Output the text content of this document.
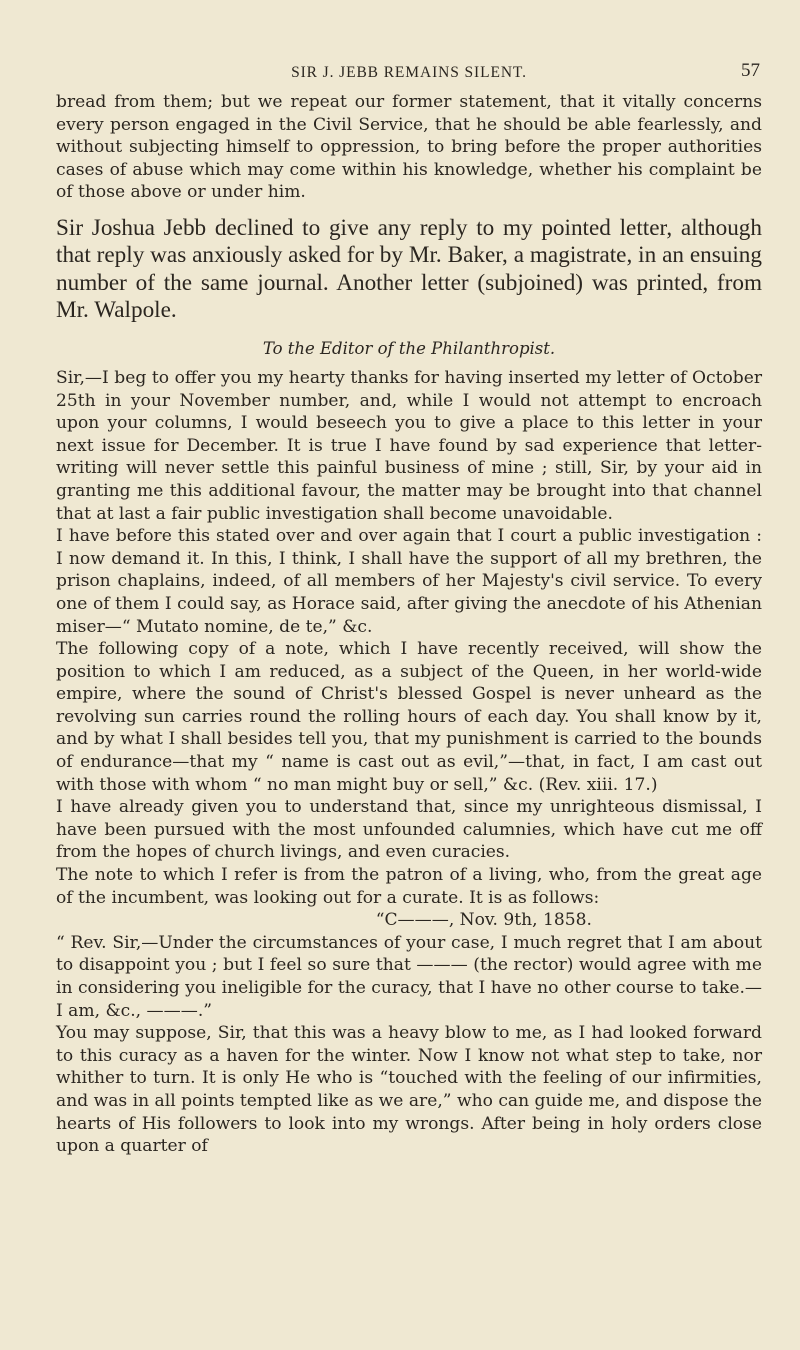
SIR J. JEBB REMAINS SILENT.	57

bread from them; but we repeat our former statement, that it vitally concerns every person engaged in the Civil Service, that he should be able fearlessly, and without subjecting himself to oppression, to bring before the proper authorities cases of abuse which may come within his knowledge, whether his complaint be of those above or under him.

Sir Joshua Jebb declined to give any reply to my pointed letter, although that reply was anxiously asked for by Mr. Baker, a magistrate, in an ensuing number of the same journal. Another letter (subjoined) was printed, from Mr. Walpole.

To the Editor of the Philanthropist.

Sir,—I beg to offer you my hearty thanks for having inserted my letter of October 25th in your November number, and, while I would not attempt to encroach upon your columns, I would beseech you to give a place to this letter in your next issue for December. It is true I have found by sad experience that letter-writing will never settle this painful business of mine ; still, Sir, by your aid in granting me this additional favour, the matter may be brought into that channel that at last a fair public investigation shall become unavoidable.

I have before this stated over and over again that I court a public investigation : I now demand it. In this, I think, I shall have the support of all my brethren, the prison chaplains, indeed, of all members of her Majesty's civil service. To every one of them I could say, as Horace said, after giving the anecdote of his Athenian miser—“ Mutato nomine, de te,” &c.

The following copy of a note, which I have recently received, will show the position to which I am reduced, as a subject of the Queen, in her world-wide empire, where the sound of Christ's blessed Gospel is never unheard as the revolving sun carries round the rolling hours of each day. You shall know by it, and by what I shall besides tell you, that my punishment is carried to the bounds of endurance—that my “ name is cast out as evil,”—that, in fact, I am cast out with those with whom “ no man might buy or sell,” &c. (Rev. xiii. 17.)

I have already given you to understand that, since my unrighteous dismissal, I have been pursued with the most unfounded calumnies, which have cut me off from the hopes of church livings, and even curacies.

The note to which I refer is from the patron of a living, who, from the great age of the incumbent, was looking out for a curate. It is as follows:

“C———, Nov. 9th, 1858.

“ Rev. Sir,—Under the circumstances of your case, I much regret that I am about to disappoint you ; but I feel so sure that ——— (the rector) would agree with me in considering you ineligible for the curacy, that I have no other course to take.—I am, &c., ———.”

You may suppose, Sir, that this was a heavy blow to me, as I had looked forward to this curacy as a haven for the winter. Now I know not what step to take, nor whither to turn. It is only He who is “touched with the feeling of our infirmities, and was in all points tempted like as we are,” who can guide me, and dispose the hearts of His followers to look into my wrongs. After being in holy orders close upon a quarter of
